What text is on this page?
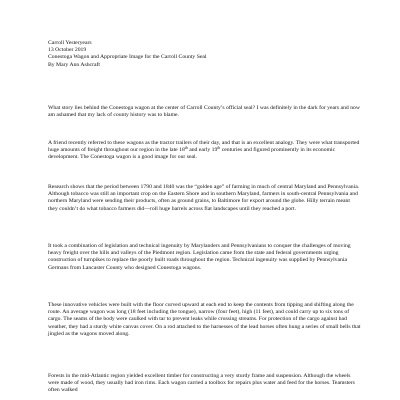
Carroll Yesteryears
13 October 2019
Conestoga Wagon and Appropriate Image for the Carroll County Seal
By Mary Ann Ashcraft

What story lies behind the Conestoga wagon at the center of Carroll County’s official seal? I was definitely in the dark for years and now am ashamed that my lack of county history was to blame.

A friend recently referred to these wagons as the tractor trailers of their day, and that is an excellent analogy. They were what transported huge amounts of freight throughout our region in the late 18th and early 19th centuries and figured prominently in its economic development. The Conestoga wagon is a good image for our seal.

Research shows that the period between 1790 and 1840 was the “golden age” of farming in much of central Maryland and Pennsylvania. Although tobacco was still an important crop on the Eastern Shore and in southern Maryland, farmers in south-central Pennsylvania and northern Maryland were sending their products, often as ground grains, to Baltimore for export around the globe. Hilly terrain meant they couldn’t do what tobacco farmers did—roll huge barrels across flat landscapes until they reached a port.

It took a combination of legislation and technical ingenuity by Marylanders and Pennsylvanians to conquer the challenges of moving heavy freight over the hills and valleys of the Piedmont region. Legislation came from the state and federal governments urging construction of turnpikes to replace the poorly built roads throughout the region. Technical ingenuity was supplied by Pennsylvania Germans from Lancaster County who designed Conestoga wagons.

These innovative vehicles were built with the floor curved upward at each end to keep the contents from tipping and shifting along the route. An average wagon was long (18 feet including the tongue), narrow (four feet), high (11 feet), and could carry up to six tons of cargo. The seams of the body were caulked with tar to prevent leaks while crossing streams. For protection of the cargo against bad weather, they had a sturdy white canvas cover. On a rod attached to the harnesses of the lead horses often hung a series of small bells that jingled as the wagons moved along.

Forests in the mid-Atlantic region yielded excellent timber for constructing a very sturdy frame and suspension. Although the wheels were made of wood, they usually had iron rims. Each wagon carried a toolbox for repairs plus water and feed for the horses. Teamsters often walked
